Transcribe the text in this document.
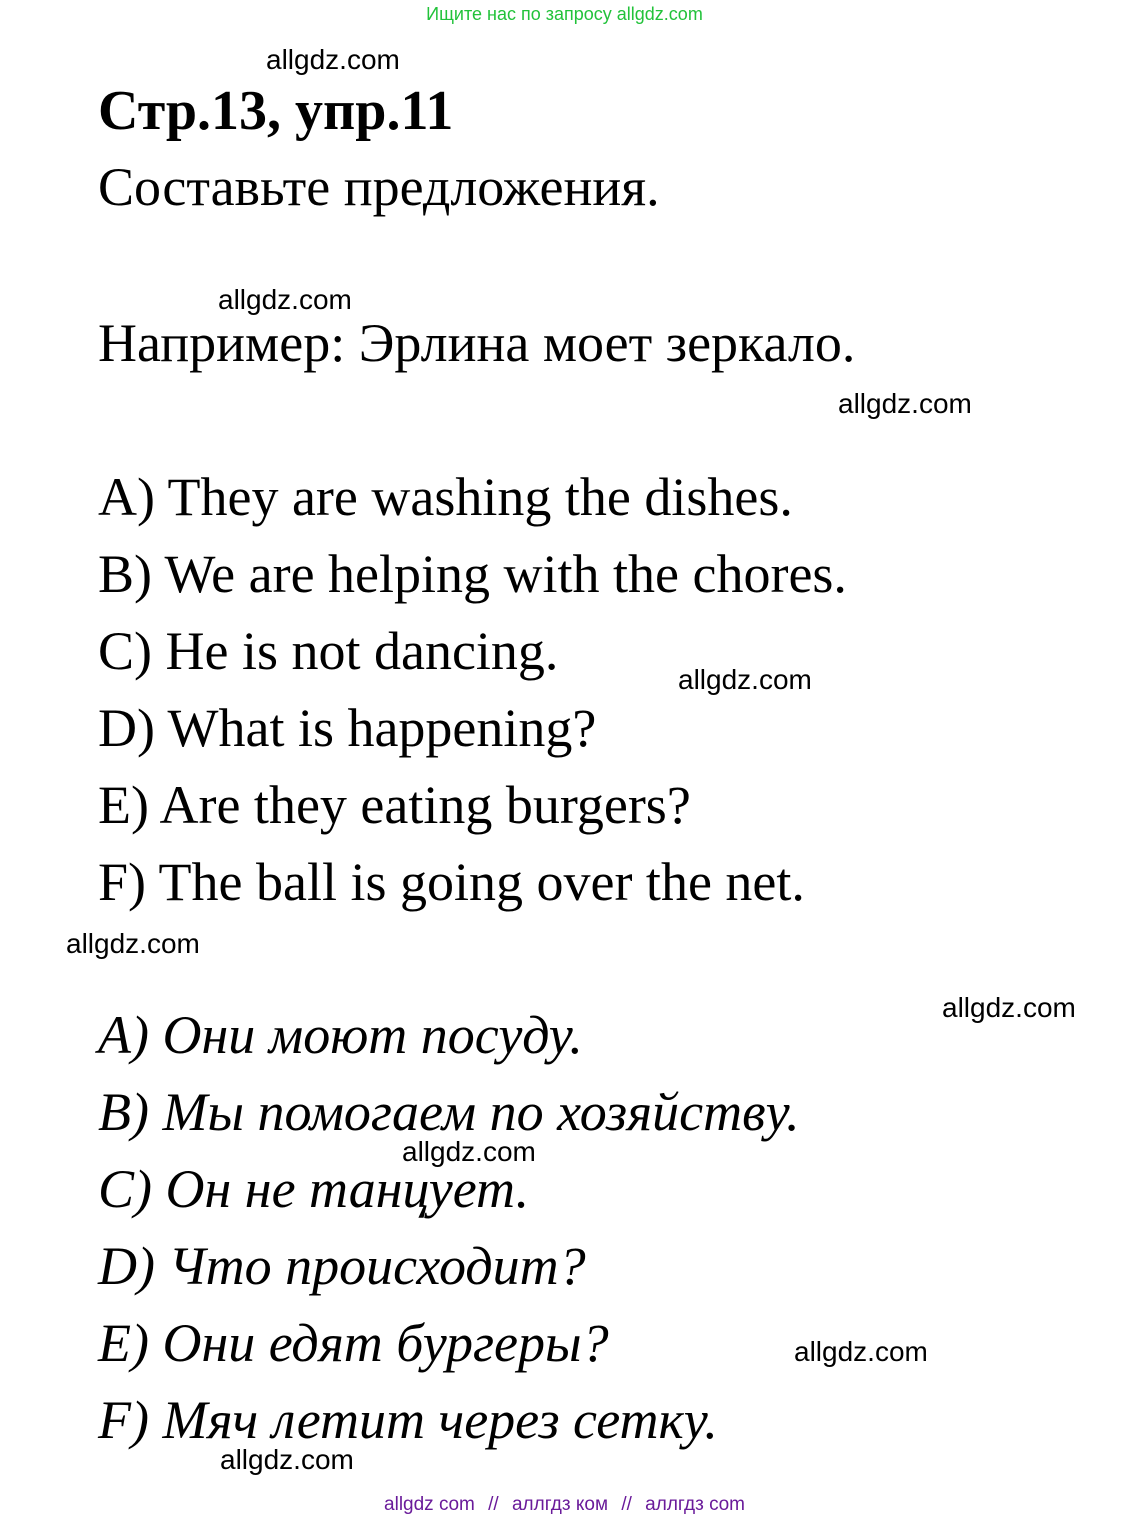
Ищите нас по запросу allgdz.com
allgdz.com
Стр.13, упр.11
Составьте предложения.
allgdz.com
Например: Эрлина моет зеркало.
allgdz.com
A) They are washing the dishes.
B) We are helping with the chores.
C) He is not dancing.	allgdz.com
D) What is happening?
E) Are they eating burgers?
F) The ball is going over the net.
allgdz.com
allgdz.com
A) Они моют посуду.
B) Мы помогаем по хозяйству.
allgdz.com
C) Он не танцует.
D) Что происходит?
E) Они едят бургеры?	allgdz.com
F) Мяч летит через сетку.
allgdz.com
allgdz com // аллгдз ком // аллгдз com
